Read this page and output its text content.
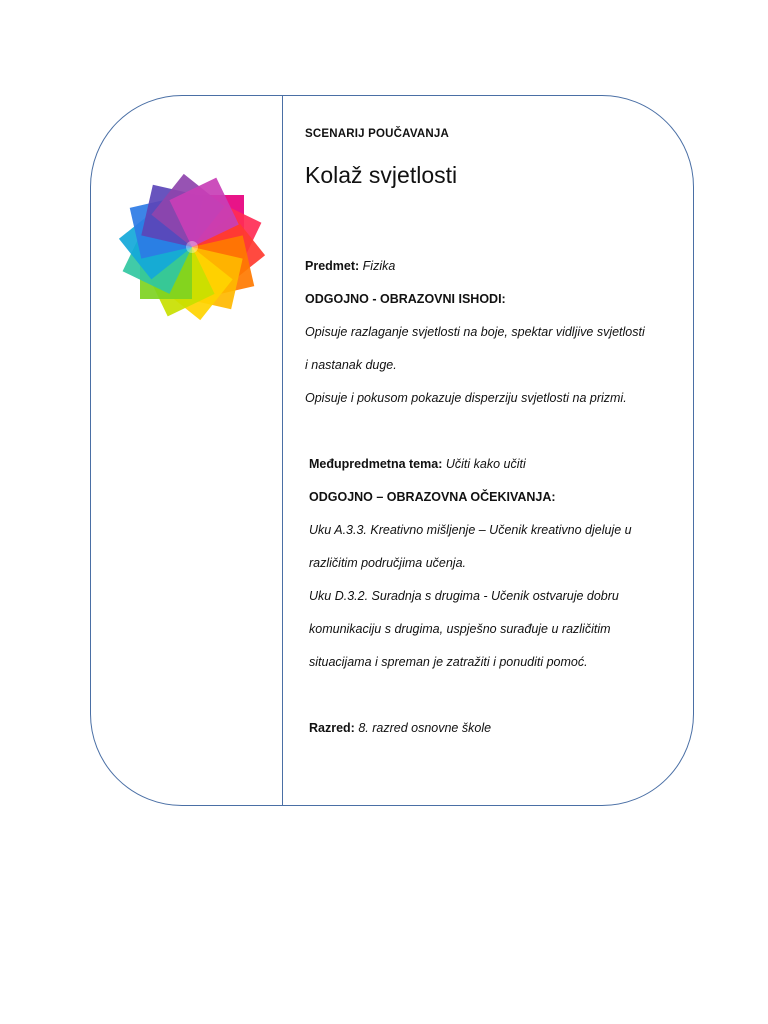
SCENARIJ POUČAVANJA
Kolaž svjetlosti
Predmet: Fizika
ODGOJNO - OBRAZOVNI ISHODI:
Opisuje razlaganje svjetlosti na boje, spektar vidljive svjetlosti
i nastanak duge.
Opisuje i pokusom pokazuje disperziju svjetlosti na prizmi.
Međupredmetna tema: Učiti kako učiti
ODGOJNO – OBRAZOVNA OČEKIVANJA:
Uku A.3.3. Kreativno mišljenje – Učenik kreativno djeluje u
različitim područjima učenja.
Uku D.3.2. Suradnja s drugima - Učenik ostvaruje dobru
komunikaciju s drugima, uspješno surađuje u različitim
situacijama i spreman je zatražiti i ponuditi pomoć.
Razred: 8. razred osnovne škole
